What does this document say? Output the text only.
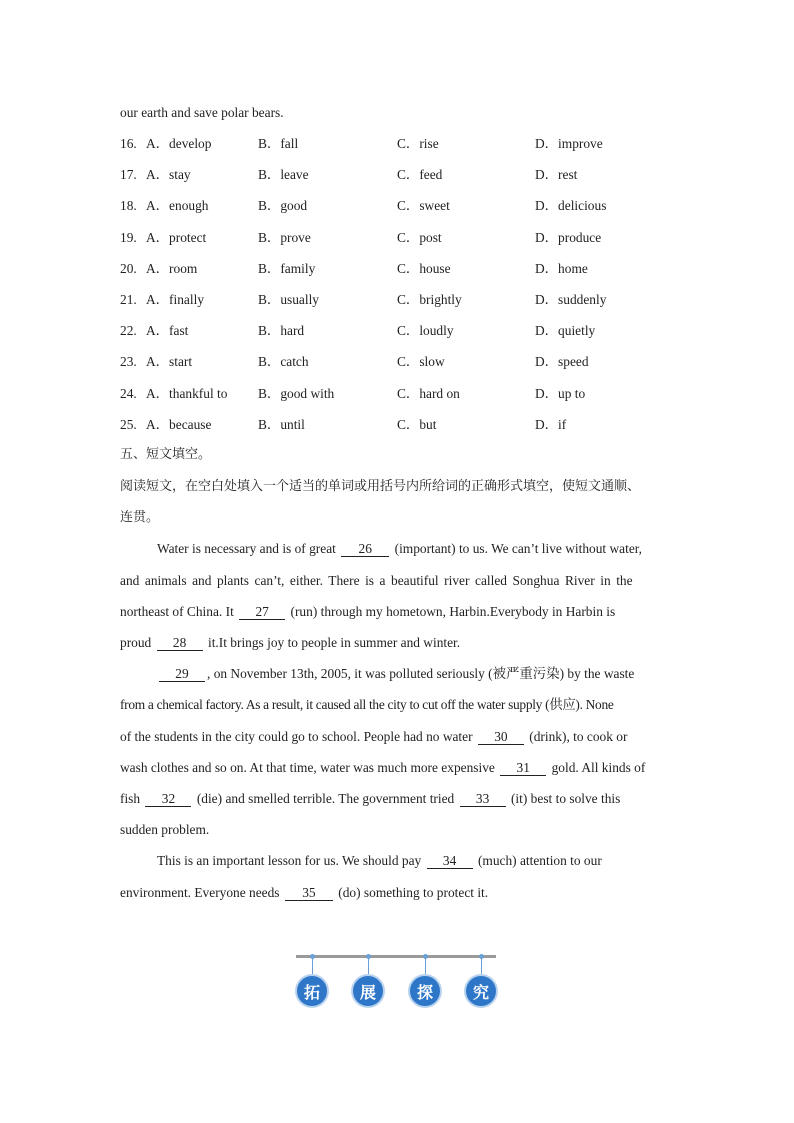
our earth and save polar bears.
16. A．develop	B．fall	C．rise	D．improve
17. A．stay	B．leave	C．feed	D．rest
18. A．enough	B．good	C．sweet	D．delicious
19. A．protect	B．prove	C．post	D．produce
20. A．room	B．family	C．house	D．home
21. A．finally	B．usually	C．brightly	D．suddenly
22. A．fast	B．hard	C．loudly	D．quietly
23. A．start	B．catch	C．slow	D．speed
24. A．thankful to B．good with	C．hard on	D．up to
25. A．because	B．until	C．but	D．if
五、短文填空。
阅读短文，在空白处填入一个适当的单词或用括号内所给词的正确形式填空，使短文通顺、
连贯。
Water is necessary and is of great 26 (important) to us. We can’t live without water,
and animals and plants can’t, either. There is a beautiful river called Songhua River in the
northeast of China. It 27 (run) through my hometown, Harbin.Everybody in Harbin is
proud 28 it.It brings joy to people in summer and winter.
29 , on November 13th, 2005, it was polluted seriously (被严重污染) by the waste
from a chemical factory. As a result, it caused all the city to cut off the water supply (供应). None
of the students in the city could go to school. People had no water 30 (drink), to cook or
wash clothes and so on. At that time, water was much more expensive 31 gold. All kinds of
fish 32 (die) and smelled terrible. The government tried 33 (it) best to solve this
sudden problem.
This is an important lesson for us. We should pay 34 (much) attention to our
environment. Everyone needs 35 (do) something to protect it.
拓	展	探	究
